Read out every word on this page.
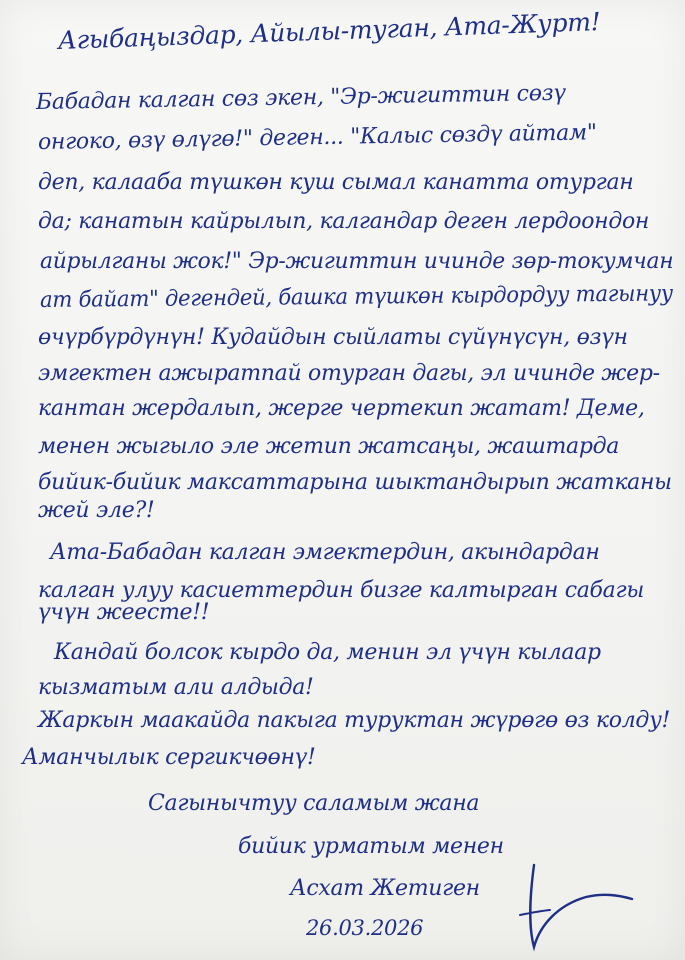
Агыбаңыздар, Айылы-туган, Ата-Журт!
Бабадан калган сөз экен, "Эр-жигиттин сөзү
онгоко, өзү өлүгө!" деген... "Калыс сөздү айтам"
деп, калааба түшкөн куш сымал канатта отурган
да; канатын кайрылып, калгандар деген лердоондон
айрылганы жок!" Эр-жигиттин ичинде зөр-токумчан
ат байат" дегендей, башка түшкөн кырдордуу тагынуу
өчүрбүрдүнүн! Кудайдын сыйлаты сүйүнүсүн, өзүн
эмгектен ажыратпай отурган дагы, эл ичинде жер-
кантан жердалып, жерге чертекип жатат! Деме,
менен жыгыло эле жетип жатсаңы, жаштарда
бийик-бийик максаттарына шыктандырып жатканы
жей эле?!
Ата-Бабадан калган эмгектердин, акындардан
калган улуу касиеттердин бизге калтырган сабагы
үчүн жеесте!!
Кандай болсок кырдо да, менин эл үчүн кылаар
кызматым али алдыда!
Жаркын маакайда пакыга туруктан жүрөгө өз колду!
Аманчылык сергикчөөнү!
Сагынычтуу саламым жана
бийик урматым менен
Асхат Жетиген
26.03.2026
